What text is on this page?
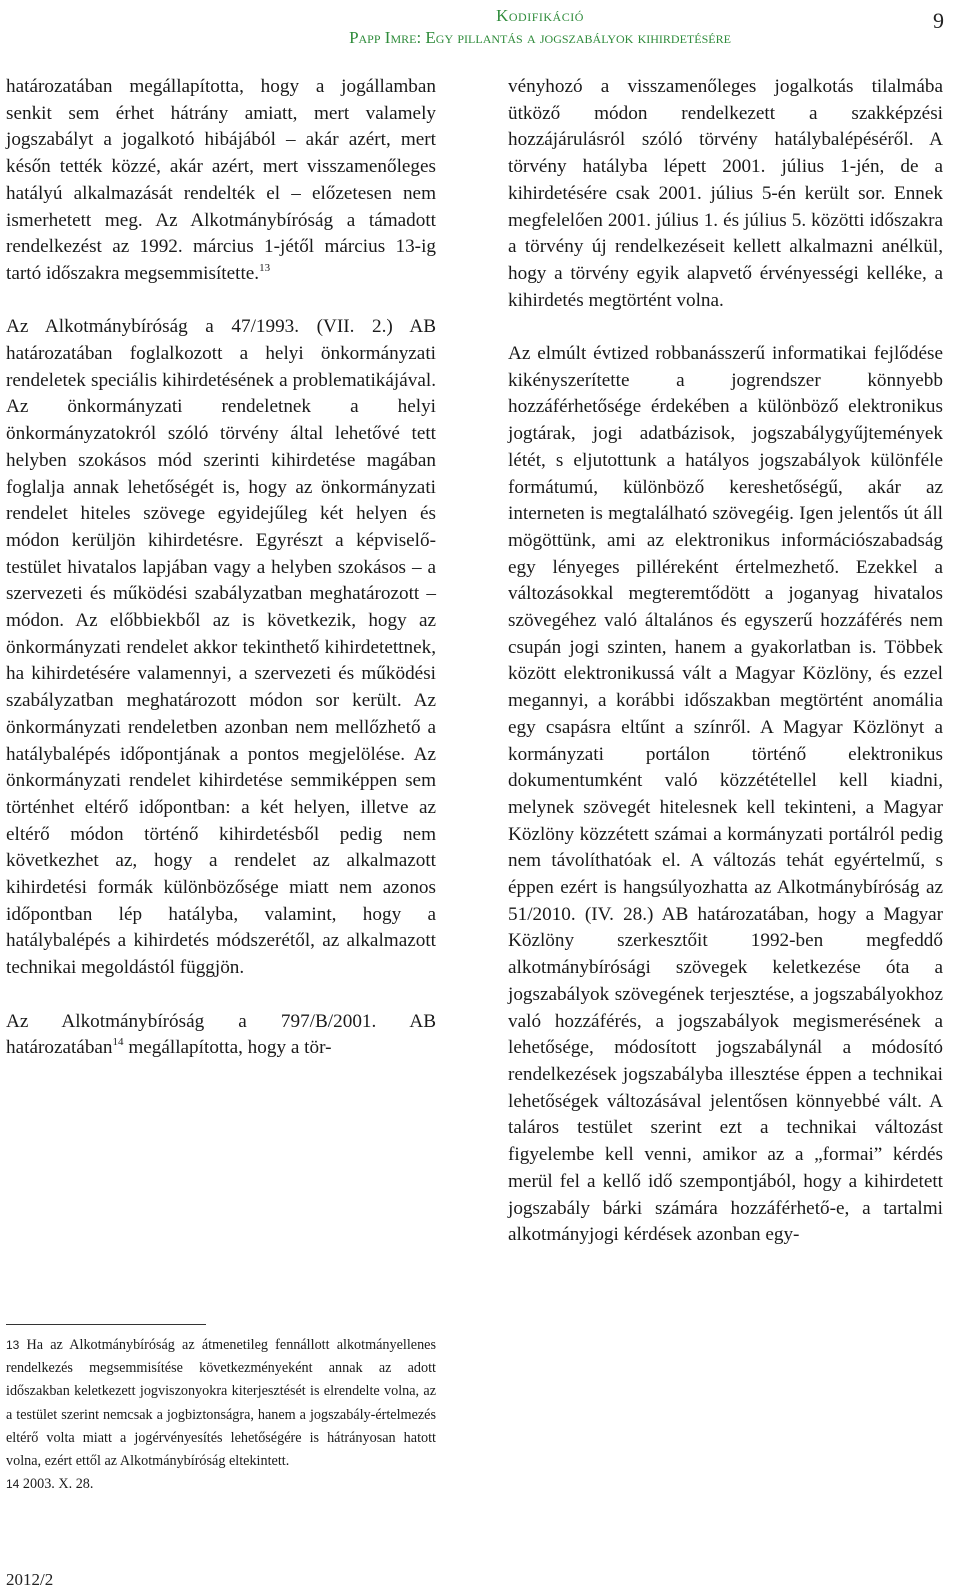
Kodifikáció
Papp Imre: Egy pillantás a jogszabályok kihirdetésére
9

határozatában megállapította, hogy a jogállamban senkit sem érhet hátrány amiatt, mert valamely jogszabályt a jogalkotó hibájából – akár azért, mert későn tették közzé, akár azért, mert visszamenőleges hatályú alkalmazását rendelték el – előzetesen nem ismerhetett meg. Az Alkotmánybíróság a támadott rendelkezést az 1992. március 1-jétől március 13-ig tartó időszakra megsemmisítette.$^{13}$

Az Alkotmánybíróság a 47/1993. (VII. 2.) AB határozatában foglalkozott a helyi önkormányzati rendeletek speciális kihirdetésének a problematikájával. Az önkormányzati rendeletnek a helyi önkormányzatokról szóló törvény által lehetővé tett helyben szokásos mód szerinti kihirdetése magában foglalja annak lehetőségét is, hogy az önkormányzati rendelet hiteles szövege egyidejűleg két helyen és módon kerüljön kihirdetésre. Egyrészt a képviselő-testület hivatalos lapjában vagy a helyben szokásos – a szervezeti és működési szabályzatban meghatározott – módon. Az előbbiekből az is következik, hogy az önkormányzati rendelet akkor tekinthető kihirdetettnek, ha kihirdetésére valamennyi, a szervezeti és működési szabályzatban meghatározott módon sor került. Az önkormányzati rendeletben azonban nem mellőzhető a hatálybalépés időpontjának a pontos megjelölése. Az önkormányzati rendelet kihirdetése semmiképpen sem történhet eltérő időpontban: a két helyen, illetve az eltérő módon történő kihirdetésből pedig nem következhet az, hogy a rendelet az alkalmazott kihirdetési formák különbözősége miatt nem azonos időpontban lép hatályba, valamint, hogy a hatálybalépés a kihirdetés módszerétől, az alkalmazott technikai megoldástól függjön.

Az Alkotmánybíróság a 797/B/2001. AB határozatában$^{14}$ megállapította, hogy a tör-

13 Ha az Alkotmánybíróság az átmenetileg fennállott alkotmányellenes rendelkezés megsemmisítése következményeként annak az adott időszakban keletkezett jogviszonyokra kiterjesztését is elrendelte volna, az a testület szerint nemcsak a jogbiztonságra, hanem a jogszabály-értelmezés eltérő volta miatt a jogérvényesítés lehetőségére is hátrányosan hatott volna, ezért ettől az Alkotmánybíróság eltekintett.

14 2003. X. 28.

2012/2

vényhozó a visszamenőleges jogalkotás tilalmába ütköző módon rendelkezett a szakképzési hozzájárulásról szóló törvény hatálybalépéséről. A törvény hatályba lépett 2001. július 1-jén, de a kihirdetésére csak 2001. július 5-én került sor. Ennek megfelelően 2001. július 1. és július 5. közötti időszakra a törvény új rendelkezéseit kellett alkalmazni anélkül, hogy a törvény egyik alapvető érvényességi kelléke, a kihirdetés megtörtént volna.

Az elmúlt évtized robbanásszerű informatikai fejlődése kikényszerítette a jogrendszer könnyebb hozzáférhetősége érdekében a különböző elektronikus jogtárak, jogi adatbázisok, jogszabálygyűjtemények létét, s eljutottunk a hatályos jogszabályok különféle formátumú, különböző kereshetőségű, akár az interneten is megtalálható szövegéig. Igen jelentős út áll mögöttünk, ami az elektronikus információszabadság egy lényeges pilléreként értelmezhető. Ezekkel a változásokkal megteremtődött a joganyag hivatalos szövegéhez való általános és egyszerű hozzáférés nem csupán jogi szinten, hanem a gyakorlatban is. Többek között elektronikussá vált a Magyar Közlöny, és ezzel megannyi, a korábbi időszakban megtörtént anomália egy csapásra eltűnt a színről. A Magyar Közlönyt a kormányzati portálon történő elektronikus dokumentumként való közzététellel kell kiadni, melynek szövegét hitelesnek kell tekinteni, a Magyar Közlöny közzétett számai a kormányzati portálról pedig nem távolíthatóak el. A változás tehát egyértelmű, s éppen ezért is hangsúlyozhatta az Alkotmánybíróság az 51/2010. (IV. 28.) AB határozatában, hogy a Magyar Közlöny szerkesztőit 1992-ben megfeddő alkotmánybírósági szövegek keletkezése óta a jogszabályok szövegének terjesztése, a jogszabályokhoz való hozzáférés, a jogszabályok megismerésének a lehetősége, módosított jogszabálynál a módosító rendelkezések jogszabályba illesztése éppen a technikai lehetőségek változásával jelentősen könnyebbé vált. A taláros testület szerint ezt a technikai változást figyelembe kell venni, amikor az a „formai” kérdés merül fel a kellő idő szempontjából, hogy a kihirdetett jogszabály bárki számára hozzáférhető-e, a tartalmi alkotmányjogi kérdések azonban egy-
